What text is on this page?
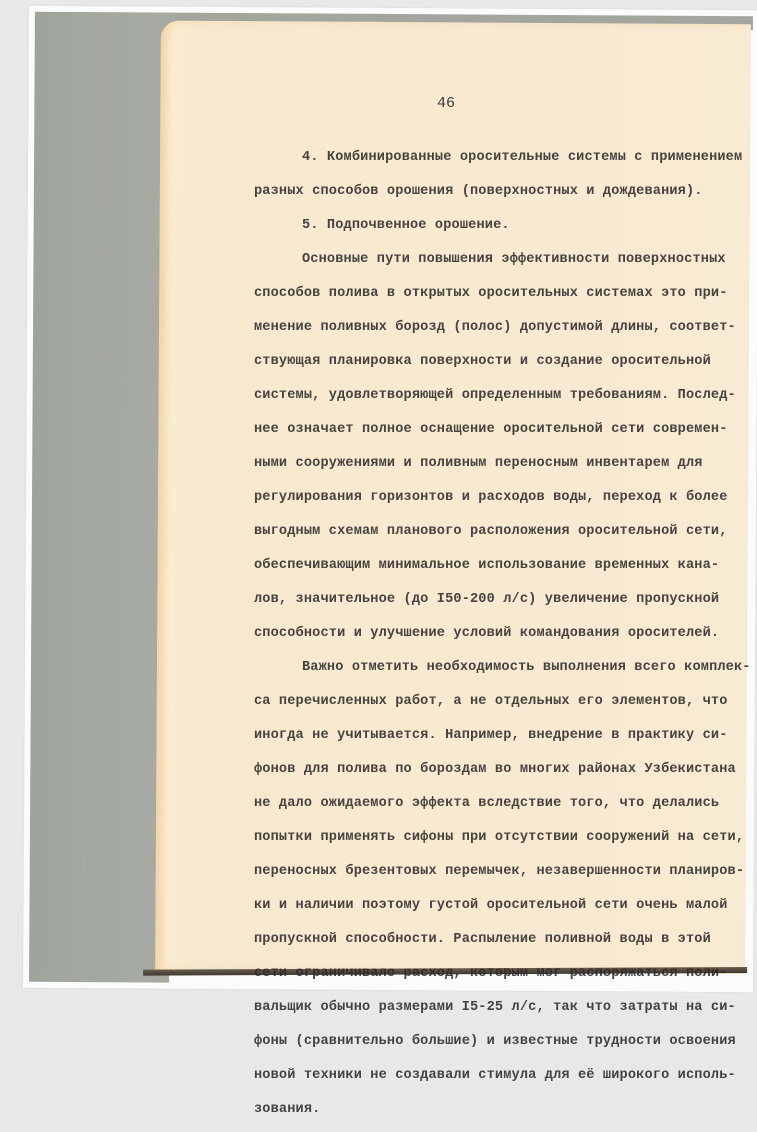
46
4. Комбинированные оросительные системы с применением
разных способов орошения (поверхностных и дождевания).
5. Подпочвенное орошение.
Основные пути повышения эффективности поверхностных
способов полива в открытых оросительных системах это при-
менение поливных борозд (полос) допустимой длины, соответ-
ствующая планировка поверхности и создание оросительной
системы, удовлетворяющей определенным требованиям. Послед-
нее означает полное оснащение оросительной сети современ-
ными сооружениями и поливным переносным инвентарем для
регулирования горизонтов и расходов воды, переход к более
выгодным схемам планового расположения оросительной сети,
обеспечивающим минимальное использование временных кана-
лов, значительное (до I50-200 л/с) увеличение пропускной
способности и улучшение условий командования оросителей.
Важно отметить необходимость выполнения всего комплек-
са перечисленных работ, а не отдельных его элементов, что
иногда не учитывается. Например, внедрение в практику си-
фонов для полива по бороздам во многих районах Узбекистана
не дало ожидаемого эффекта вследствие того, что делались
попытки применять сифоны при отсутствии сооружений на сети,
переносных брезентовых перемычек, незавершенности планиров-
ки и наличии поэтому густой оросительной сети очень малой
пропускной способности. Распыление поливной воды в этой
сети ограничивало расход, которым мог распоряжаться поли-
вальщик обычно размерами I5-25 л/с, так что затраты на си-
фоны (сравнительно большие) и известные трудности освоения
новой техники не создавали стимула для её широкого исполь-
зования.
